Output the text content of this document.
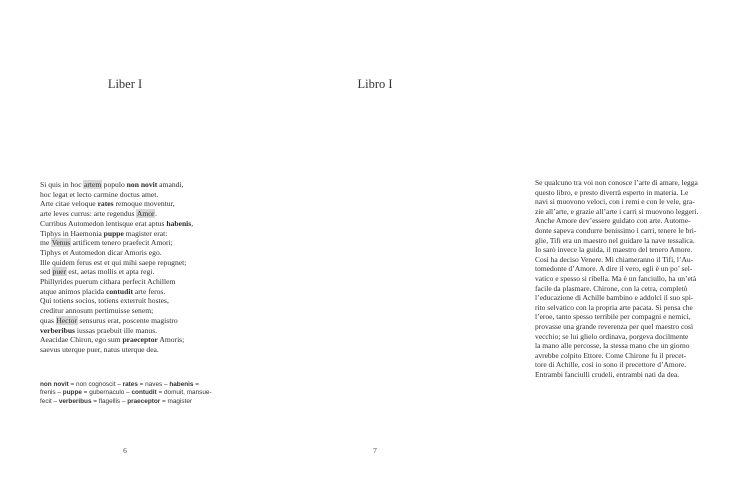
Liber I
Si quis in hoc artem populo non novit amandi,
hoc legat et lecto carmine doctus amet.
Arte citae veloque rates remoque moventur,
arte leves currus: arte regendus Amor.
Curribus Automedon lentisque erat aptus habenis,
Tiphys in Haemonia puppe magister erat:
me Venus artificem tenero praefecit Amori;
Tiphys et Automedon dicar Amoris ego.
Ille quidem ferus est et qui mihi saepe repugnet;
sed puer est, aetas mollis et apta regi.
Phillyrides puerum cithara perfecit Achillem
atque animos placida contudit arte feros.
Qui totiens socios, totiens exterruit hostes,
creditur annosum pertimuisse senem;
quas Hector sensurus erat, poscente magistro
verberibus iussas praebuit ille manus.
Aeacidae Chiron, ego sum praeceptor Amoris;
saevus uterque puer, natus uterque dea.
non novit = non cognoscit – rates = naves – habenis =
frenis – puppe = gubernaculo – contudit = domuit, mansue-
fecit – verberibus = flagellis – praeceptor = magister
6
Libro I
Se qualcuno tra voi non conosce l’arte di amare, legga
questo libro, e presto diverrà esperto in materia. Le
navi si muovono veloci, con i remi e con le vele, gra-
zie all’arte, e grazie all’arte i carri si muovono leggeri.
Anche Amore dev’essere guidato con arte. Autome-
donte sapeva condurre benissimo i carri, tenere le bri-
glie, Tifi era un maestro nel guidare la nave tessalica.
Io sarò invece la guida, il maestro del tenero Amore.
Così ha deciso Venere. Mi chiameranno il Tifi, l’Au-
tomedonte d’Amore. A dire il vero, egli è un po’ sel-
vatico e spesso si ribella. Ma è un fanciullo, ha un’età
facile da plasmare. Chirone, con la cetra, completò
l’educazione di Achille bambino e addolcì il suo spi-
rito selvatico con la propria arte pacata. Si pensa che
l’eroe, tanto spesso terribile per compagni e nemici,
provasse una grande reverenza per quel maestro così
vecchio; se lui glielo ordinava, porgeva docilmente
la mano alle percosse, la stessa mano che un giorno
avrebbe colpito Ettore. Come Chirone fu il precet-
tore di Achille, così io sono il precettore d’Amore.
Entrambi fanciulli crudeli, entrambi nati da dea.
7
